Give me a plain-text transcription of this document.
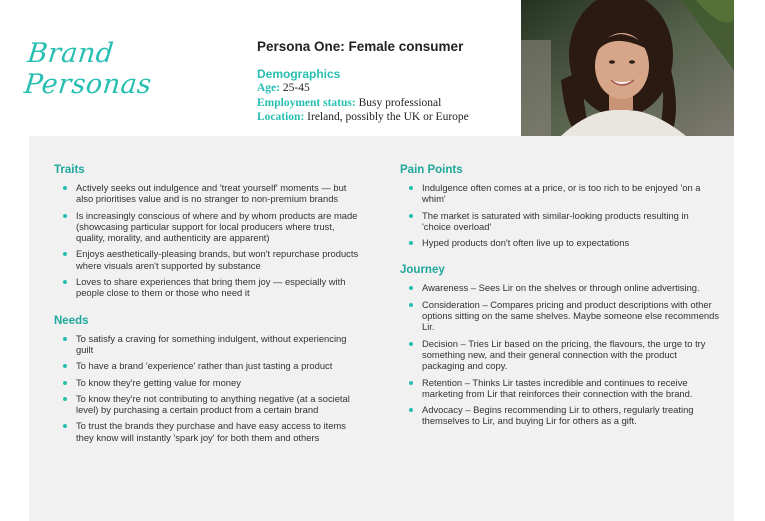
Brand Personas
Persona One: Female consumer
Demographics
Age: 25-45
Employment status: Busy professional
Location: Ireland, possibly the UK or Europe
Traits
Actively seeks out indulgence and 'treat yourself' moments — but also prioritises value and is no stranger to non-premium brands
Is increasingly conscious of where and by whom products are made (showcasing particular support for local producers where trust, quality, morality, and authenticity are apparent)
Enjoys aesthetically-pleasing brands, but won't repurchase products where visuals aren't supported by substance
Loves to share experiences that bring them joy — especially with people close to them or those who need it
Needs
To satisfy a craving for something indulgent, without experiencing guilt
To have a brand 'experience' rather than just tasting a product
To know they're getting value for money
To know they're not contributing to anything negative (at a societal level) by purchasing a certain product from a certain brand
To trust the brands they purchase and have easy access to items they know will instantly 'spark joy' for both them and others
Pain Points
Indulgence often comes at a price, or is too rich to be enjoyed 'on a whim'
The market is saturated with similar-looking products resulting in 'choice overload'
Hyped products don't often live up to expectations
Journey
Awareness – Sees Lir on the shelves or through online advertising.
Consideration – Compares pricing and product descriptions with other options sitting on the same shelves. Maybe someone else recommends Lir.
Decision – Tries Lir based on the pricing, the flavours, the urge to try something new, and their general connection with the product packaging and copy.
Retention – Thinks Lir tastes incredible and continues to receive marketing from Lir that reinforces their connection with the brand.
Advocacy – Begins recommending Lir to others, regularly treating themselves to Lir, and buying Lir for others as a gift.
